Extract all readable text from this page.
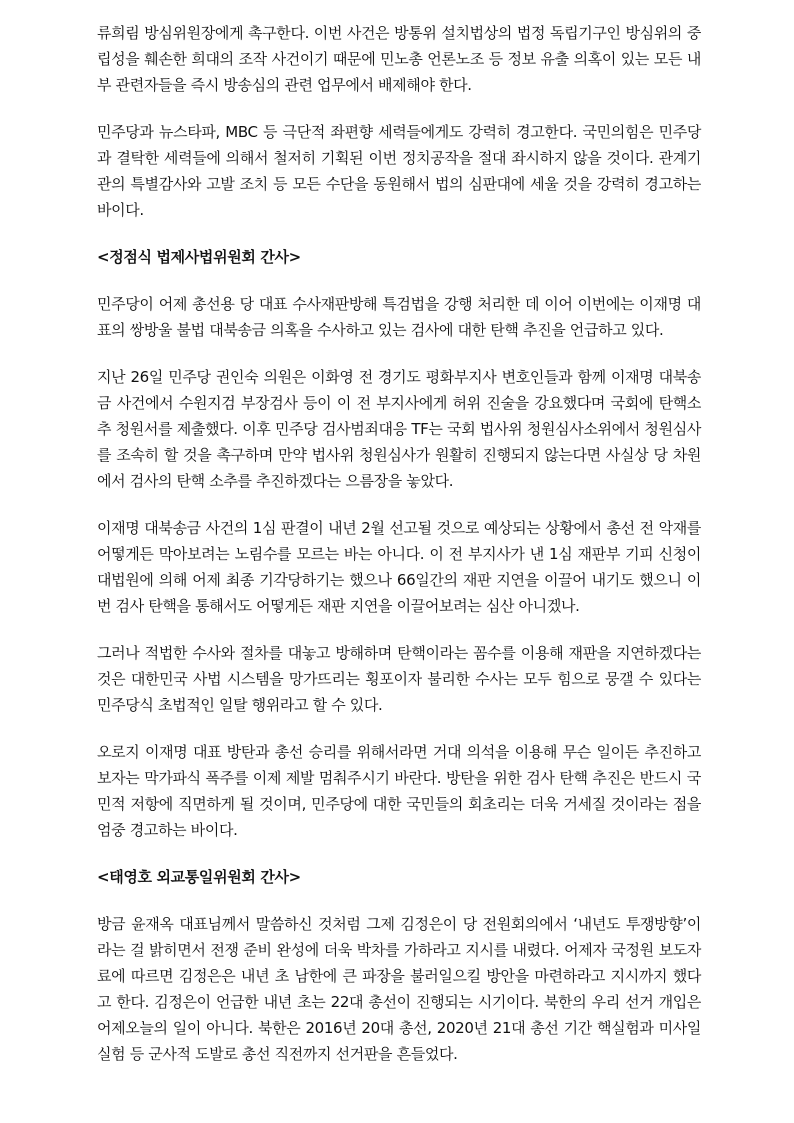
류희림 방심위원장에게 촉구한다. 이번 사건은 방통위 설치법상의 법정 독립기구인 방심위의 중립성을 훼손한 희대의 조작 사건이기 때문에 민노총 언론노조 등 정보 유출 의혹이 있는 모든 내부 관련자들을 즉시 방송심의 관련 업무에서 배제해야 한다.

민주당과 뉴스타파, MBC 등 극단적 좌편향 세력들에게도 강력히 경고한다. 국민의힘은 민주당과 결탁한 세력들에 의해서 철저히 기획된 이번 정치공작을 절대 좌시하지 않을 것이다. 관계기관의 특별감사와 고발 조치 등 모든 수단을 동원해서 법의 심판대에 세울 것을 강력히 경고하는 바이다.

<정점식 법제사법위원회 간사>

민주당이 어제 총선용 당 대표 수사재판방해 특검법을 강행 처리한 데 이어 이번에는 이재명 대표의 쌍방울 불법 대북송금 의혹을 수사하고 있는 검사에 대한 탄핵 추진을 언급하고 있다.

지난 26일 민주당 권인숙 의원은 이화영 전 경기도 평화부지사 변호인들과 함께 이재명 대북송금 사건에서 수원지검 부장검사 등이 이 전 부지사에게 허위 진술을 강요했다며 국회에 탄핵소추 청원서를 제출했다. 이후 민주당 검사범죄대응 TF는 국회 법사위 청원심사소위에서 청원심사를 조속히 할 것을 촉구하며 만약 법사위 청원심사가 원활히 진행되지 않는다면 사실상 당 차원에서 검사의 탄핵 소추를 추진하겠다는 으름장을 놓았다.

이재명 대북송금 사건의 1심 판결이 내년 2월 선고될 것으로 예상되는 상황에서 총선 전 악재를 어떻게든 막아보려는 노림수를 모르는 바는 아니다. 이 전 부지사가 낸 1심 재판부 기피 신청이 대법원에 의해 어제 최종 기각당하기는 했으나 66일간의 재판 지연을 이끌어 내기도 했으니 이번 검사 탄핵을 통해서도 어떻게든 재판 지연을 이끌어보려는 심산 아니겠나.

그러나 적법한 수사와 절차를 대놓고 방해하며 탄핵이라는 꼼수를 이용해 재판을 지연하겠다는 것은 대한민국 사법 시스템을 망가뜨리는 횡포이자 불리한 수사는 모두 힘으로 뭉갤 수 있다는 민주당식 초법적인 일탈 행위라고 할 수 있다.

오로지 이재명 대표 방탄과 총선 승리를 위해서라면 거대 의석을 이용해 무슨 일이든 추진하고 보자는 막가파식 폭주를 이제 제발 멈춰주시기 바란다. 방탄을 위한 검사 탄핵 추진은 반드시 국민적 저항에 직면하게 될 것이며, 민주당에 대한 국민들의 회초리는 더욱 거세질 것이라는 점을 엄중 경고하는 바이다.

<태영호 외교통일위원회 간사>

방금 윤재옥 대표님께서 말씀하신 것처럼 그제 김정은이 당 전원회의에서 ‘내년도 투쟁방향’이라는 걸 밝히면서 전쟁 준비 완성에 더욱 박차를 가하라고 지시를 내렸다. 어제자 국정원 보도자료에 따르면 김정은은 내년 초 남한에 큰 파장을 불러일으킬 방안을 마련하라고 지시까지 했다고 한다. 김정은이 언급한 내년 초는 22대 총선이 진행되는 시기이다. 북한의 우리 선거 개입은 어제오늘의 일이 아니다. 북한은 2016년 20대 총선, 2020년 21대 총선 기간 핵실험과 미사일 실험 등 군사적 도발로 총선 직전까지 선거판을 흔들었다.
